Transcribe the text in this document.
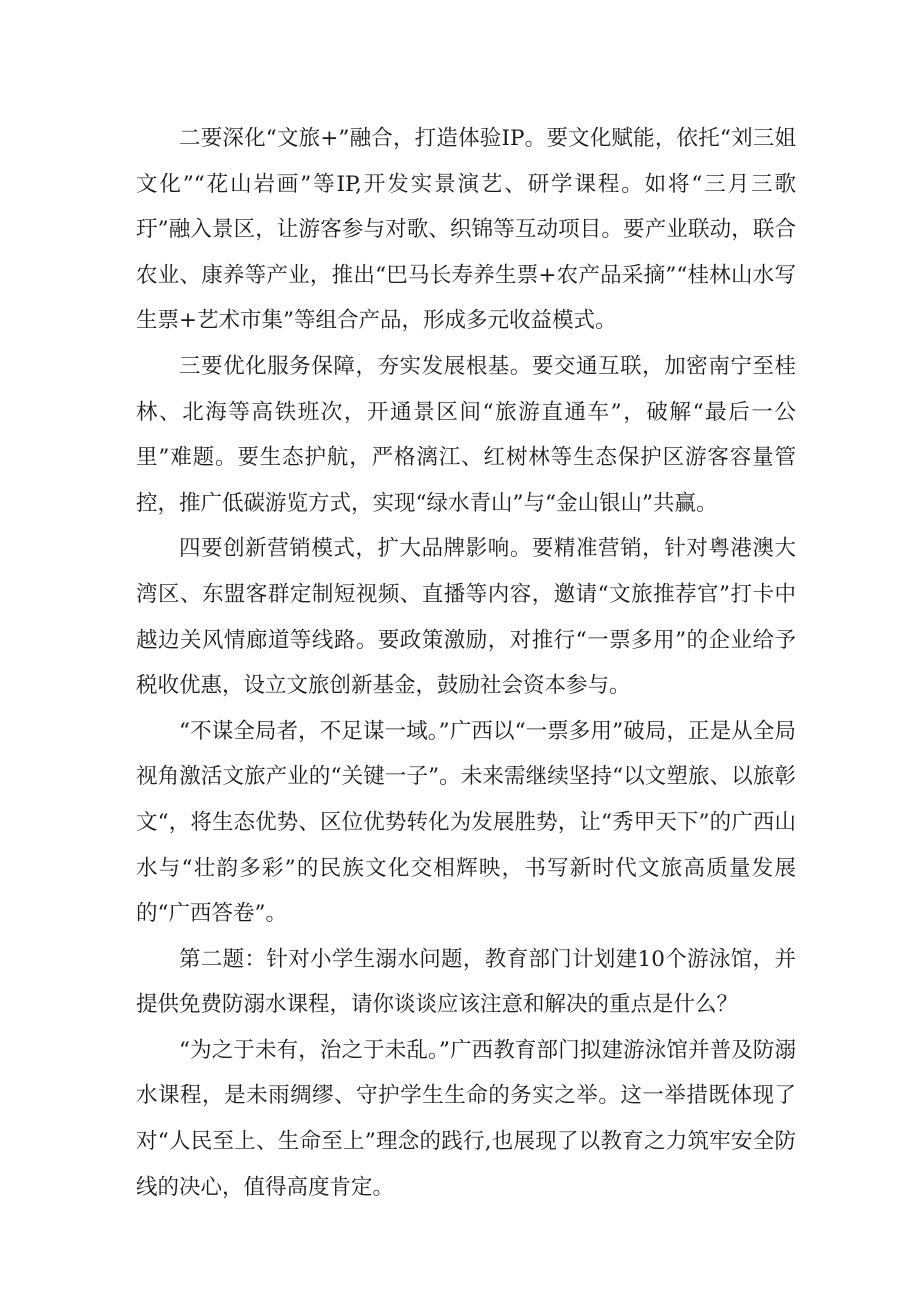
二要深化“文旅+”融合，打造体验IP。要文化赋能，依托“刘三姐文化”“花山岩画”等IP,开发实景演艺、研学课程。如将“三月三歌玗”融入景区，让游客参与对歌、织锦等互动项目。要产业联动，联合农业、康养等产业，推出“巴马长寿养生票+农产品采摘”“桂林山水写生票+艺术市集”等组合产品，形成多元收益模式。

三要优化服务保障，夯实发展根基。要交通互联，加密南宁至桂林、北海等高铁班次，开通景区间“旅游直通车”，破解“最后一公里”难题。要生态护航，严格漓江、红树林等生态保护区游客容量管控，推广低碳游览方式，实现“绿水青山”与“金山银山”共赢。

四要创新营销模式，扩大品牌影响。要精准营销，针对粤港澳大湾区、东盟客群定制短视频、直播等内容，邀请“文旅推荐官”打卡中越边关风情廊道等线路。要政策激励，对推行“一票多用”的企业给予税收优惠，设立文旅创新基金，鼓励社会资本参与。

“不谋全局者，不足谋一域。”广西以“一票多用”破局，正是从全局视角激活文旅产业的“关键一子”。未来需继续坚持“以文塑旅、以旅彰文“，将生态优势、区位优势转化为发展胜势，让“秀甲天下”的广西山水与“壮韵多彩”的民族文化交相辉映，书写新时代文旅高质量发展的“广西答卷”。

第二题：针对小学生溺水问题，教育部门计划建10个游泳馆，并提供免费防溺水课程，请你谈谈应该注意和解决的重点是什么？

“为之于未有，治之于未乱。”广西教育部门拟建游泳馆并普及防溺水课程，是未雨绸缪、守护学生生命的务实之举。这一举措既体现了对“人民至上、生命至上”理念的践行,也展现了以教育之力筑牢安全防线的决心，值得高度肯定。
